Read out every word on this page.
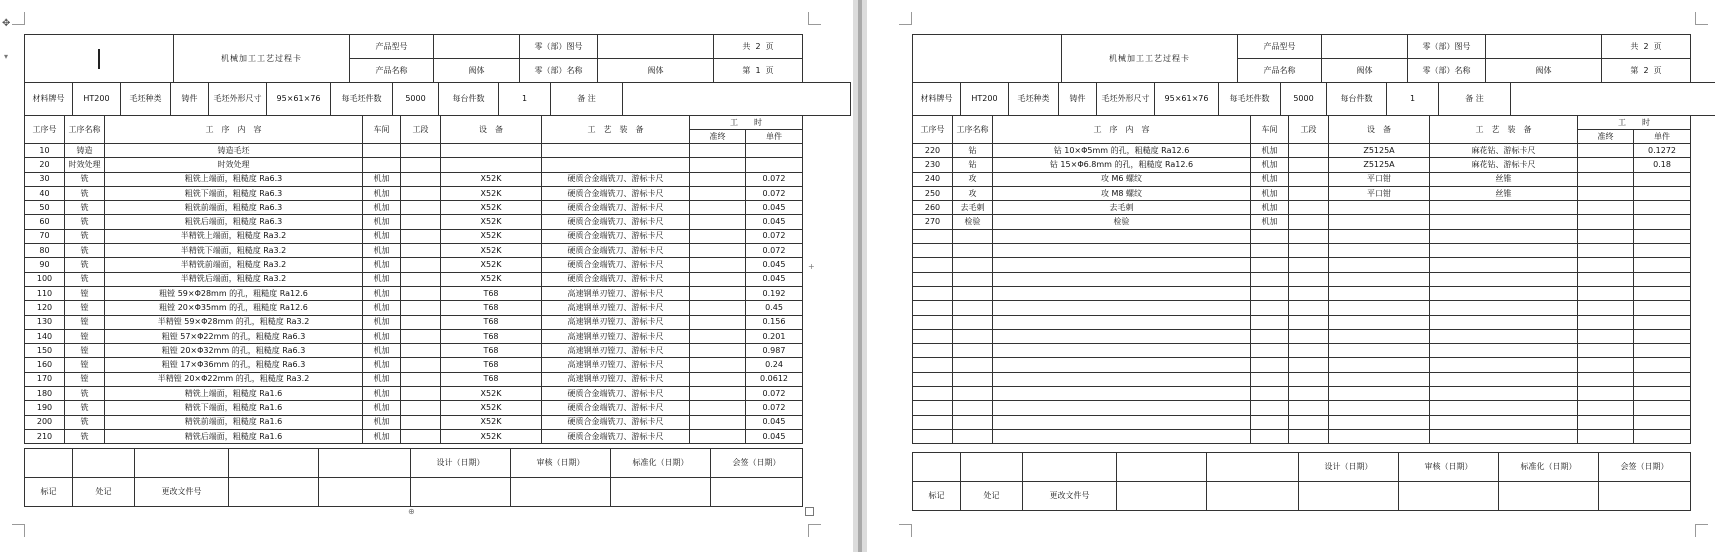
✥
▾
+
⊕
	机械加工工艺过程卡	产品型号		零（部）图号		共 2 页
		产品名称	阀体	零（部）名称	阀体	第 1 页
材料牌号	HT200	毛坯种类	铸件	毛坯外形尺寸	95×61×76	每毛坯件数	5000	每台件数	1	备 注	
工序号	工序名称	工　序　内　容	车间	工段	设　备	工　艺　装　备	工　　时	
							准终	单件
10	铸造	铸造毛坯						
20	时效处理	时效处理						
30	铣	粗铣上端面，粗糙度 Ra6.3	机加		X52K	硬质合金端铣刀、游标卡尺		0.072
40	铣	粗铣下端面，粗糙度 Ra6.3	机加		X52K	硬质合金端铣刀、游标卡尺		0.072
50	铣	粗铣前端面，粗糙度 Ra6.3	机加		X52K	硬质合金端铣刀、游标卡尺		0.045
60	铣	粗铣后端面，粗糙度 Ra6.3	机加		X52K	硬质合金端铣刀、游标卡尺		0.045
70	铣	半精铣上端面，粗糙度 Ra3.2	机加		X52K	硬质合金端铣刀、游标卡尺		0.072
80	铣	半精铣下端面，粗糙度 Ra3.2	机加		X52K	硬质合金端铣刀、游标卡尺		0.072
90	铣	半精铣前端面，粗糙度 Ra3.2	机加		X52K	硬质合金端铣刀、游标卡尺		0.045
100	铣	半精铣后端面，粗糙度 Ra3.2	机加		X52K	硬质合金端铣刀、游标卡尺		0.045
110	镗	粗镗 59×Φ28mm 的孔，粗糙度 Ra12.6	机加		T68	高速钢单刃镗刀、游标卡尺		0.192
120	镗	粗镗 20×Φ35mm 的孔，粗糙度 Ra12.6	机加		T68	高速钢单刃镗刀、游标卡尺		0.45
130	镗	半精镗 59×Φ28mm 的孔，粗糙度 Ra3.2	机加		T68	高速钢单刃镗刀、游标卡尺		0.156
140	镗	粗镗 57×Φ22mm 的孔，粗糙度 Ra6.3	机加		T68	高速钢单刃镗刀、游标卡尺		0.201
150	镗	粗镗 20×Φ32mm 的孔，粗糙度 Ra6.3	机加		T68	高速钢单刃镗刀、游标卡尺		0.987
160	镗	粗镗 17×Φ36mm 的孔，粗糙度 Ra6.3	机加		T68	高速钢单刃镗刀、游标卡尺		0.24
170	镗	半精镗 20×Φ22mm 的孔，粗糙度 Ra3.2	机加		T68	高速钢单刃镗刀、游标卡尺		0.0612
180	铣	精铣上端面，粗糙度 Ra1.6	机加		X52K	硬质合金端铣刀、游标卡尺		0.072
190	铣	精铣下端面，粗糙度 Ra1.6	机加		X52K	硬质合金端铣刀、游标卡尺		0.072
200	铣	精铣前端面，粗糙度 Ra1.6	机加		X52K	硬质合金端铣刀、游标卡尺		0.045
210	铣	精铣后端面，粗糙度 Ra1.6	机加		X52K	硬质合金端铣刀、游标卡尺		0.045
					设计（日期）	审核（日期）	标准化（日期）	会签（日期）
标记	处记	更改文件号						
	机械加工工艺过程卡	产品型号		零（部）图号		共 2 页
		产品名称	阀体	零（部）名称	阀体	第 2 页
材料牌号	HT200	毛坯种类	铸件	毛坯外形尺寸	95×61×76	每毛坯件数	5000	每台件数	1	备 注	
工序号	工序名称	工　序　内　容	车间	工段	设　备	工　艺　装　备	工　　时	
							准终	单件
220	钻	钻 10×Φ5mm 的孔，粗糙度 Ra12.6	机加		Z5125A	麻花钻、游标卡尺		0.1272
230	钻	钻 15×Φ6.8mm 的孔，粗糙度 Ra12.6	机加		Z5125A	麻花钻、游标卡尺		0.18
240	攻	攻 M6 螺纹	机加		平口钳	丝锥		
250	攻	攻 M8 螺纹	机加		平口钳	丝锥		
260	去毛刺	去毛刺	机加					
270	检验	检验	机加					

					设计（日期）	审核（日期）	标准化（日期）	会签（日期）
标记	处记	更改文件号						
